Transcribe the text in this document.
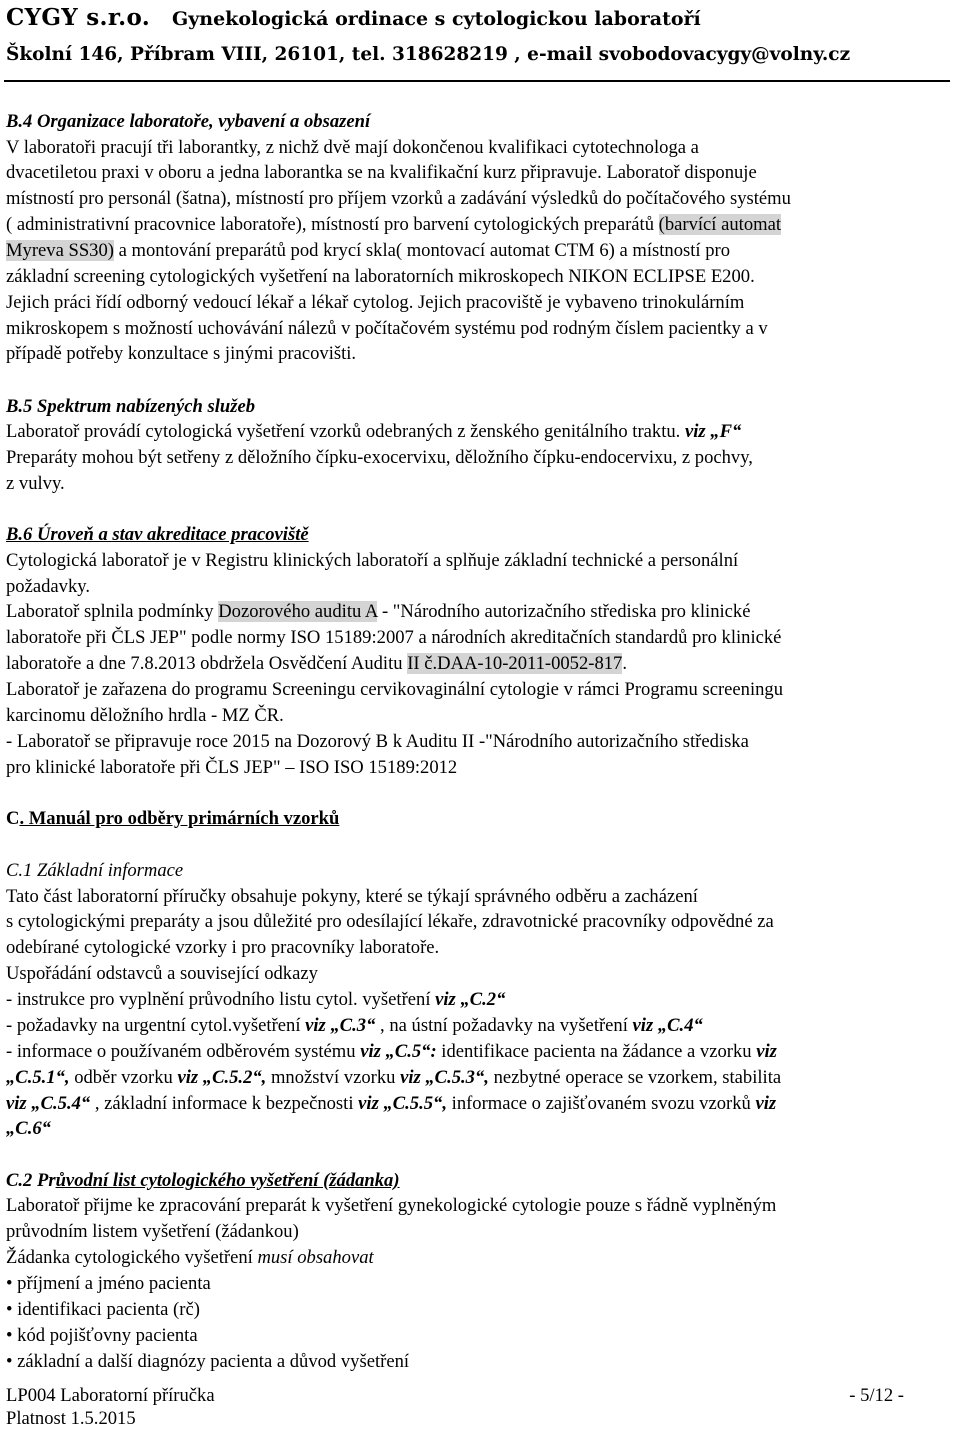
CYGY s.r.o. Gynekologická ordinace s cytologickou laboratoří
Školní 146, Příbram VIII, 26101, tel. 318628219 , e-mail svobodovacygy@volny.cz
B.4 Organizace laboratoře, vybavení a obsazení
V laboratoři pracují tři laborantky, z nichž dvě mají dokončenou kvalifikaci cytotechnologa a
dvacetiletou praxi v oboru a jedna laborantka se na kvalifikační kurz připravuje. Laboratoř disponuje
místností pro personál (šatna), místností pro příjem vzorků a zadávání výsledků do počítačového systému
( administrativní pracovnice laboratoře), místností pro barvení cytologických preparátů (barvící automat
Myreva SS30) a montování preparátů pod krycí skla( montovací automat CTM 6) a místností pro
základní screening cytologických vyšetření na laboratorních mikroskopech NIKON ECLIPSE E200.
Jejich práci řídí odborný vedoucí lékař a lékař cytolog. Jejich pracoviště je vybaveno trinokulárním
mikroskopem s možností uchovávání nálezů v počítačovém systému pod rodným číslem pacientky a v
případě potřeby konzultace s jinými pracovišti.
B.5 Spektrum nabízených služeb
Laboratoř provádí cytologická vyšetření vzorků odebraných z ženského genitálního traktu. viz „F“
Preparáty mohou být setřeny z děložního čípku-exocervixu, děložního čípku-endocervixu, z pochvy,
z vulvy.
B.6 Úroveň a stav akreditace pracoviště
Cytologická laboratoř je v Registru klinických laboratoří a splňuje základní technické a personální
požadavky.
Laboratoř splnila podmínky Dozorového auditu A - "Národního autorizačního střediska pro klinické
laboratoře při ČLS JEP" podle normy ISO 15189:2007 a národních akreditačních standardů pro klinické
laboratoře a dne 7.8.2013 obdržela Osvědčení Auditu II č.DAA-10-2011-0052-817.
Laboratoř je zařazena do programu Screeningu cervikovaginální cytologie v rámci Programu screeningu
karcinomu děložního hrdla - MZ ČR.
- Laboratoř se připravuje roce 2015 na Dozorový B k Auditu II -"Národního autorizačního střediska
pro klinické laboratoře při ČLS JEP" – ISO ISO 15189:2012
C. Manuál pro odběry primárních vzorků
C.1 Základní informace
Tato část laboratorní příručky obsahuje pokyny, které se týkají správného odběru a zacházení
s cytologickými preparáty a jsou důležité pro odesílající lékaře, zdravotnické pracovníky odpovědné za
odebírané cytologické vzorky i pro pracovníky laboratoře.
Uspořádání odstavců a související odkazy
- instrukce pro vyplnění průvodního listu cytol. vyšetření viz „C.2“
- požadavky na urgentní cytol.vyšetření viz „C.3“ , na ústní požadavky na vyšetření viz „C.4“
- informace o používaném odběrovém systému viz „C.5“: identifikace pacienta na žádance a vzorku viz
„C.5.1“, odběr vzorku viz „C.5.2“, množství vzorku viz „C.5.3“, nezbytné operace se vzorkem, stabilita
viz „C.5.4“ , základní informace k bezpečnosti viz „C.5.5“, informace o zajišťovaném svozu vzorků viz
„C.6“
C.2 Průvodní list cytologického vyšetření (žádanka)
Laboratoř přijme ke zpracování preparát k vyšetření gynekologické cytologie pouze s řádně vyplněným
průvodním listem vyšetření (žádankou)
Žádanka cytologického vyšetření musí obsahovat
• příjmení a jméno pacienta
• identifikaci pacienta (rč)
• kód pojišťovny pacienta
• základní a další diagnózy pacienta a důvod vyšetření
LP004 Laboratorní příručka	- 5/12 -
Platnost 1.5.2015
